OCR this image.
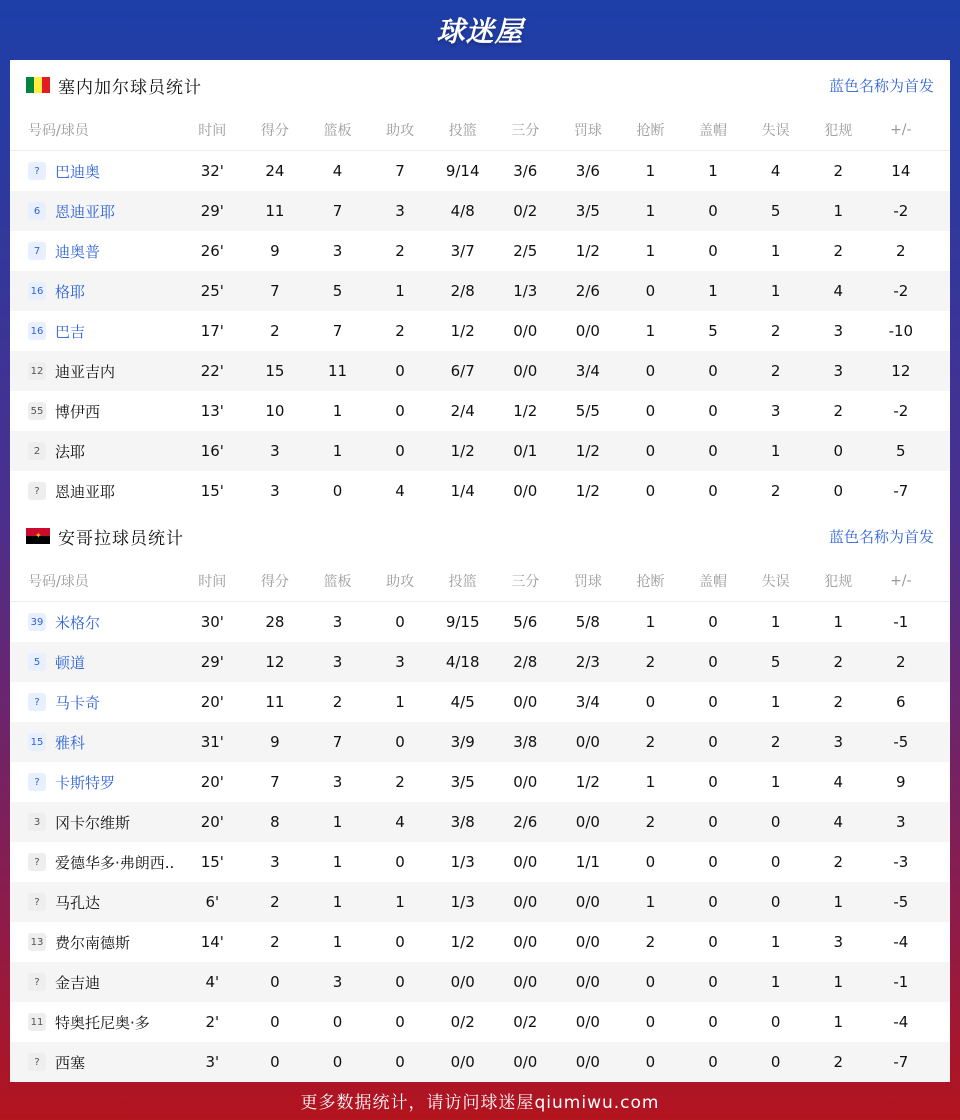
球迷屋
塞内加尔球员统计	蓝色名称为首发
号码/球员	时间	得分	篮板	助攻	投篮	三分	罚球	抢断	盖帽	失误	犯规	+/-
?	巴迪奥	32'	24	4	7	9/14	3/6	3/6	1	1	4	2	14
6 恩迪亚耶	29'	11	7	3	4/8	0/2	3/5	1	0	5	1	-2
7 迪奥普	26'	9	3	2	3/7	2/5	1/2	1	0	1	2	2
16 格耶	25'	7	5	1	2/8	1/3	2/6	0	1	1	4	-2
16 巴吉	17'	2	7	2	1/2	0/0	0/0	1	5	2	3	-10
12 迪亚吉内	22'	15	11	0	6/7	0/0	3/4	0	0	2	3	12
55 博伊西	13'	10	1	0	2/4	1/2	5/5	0	0	3	2	-2
2 法耶	16'	3	1	0	1/2	0/1	1/2	0	0	1	0	5
?	恩迪亚耶	15'	3	0	4	1/4	0/0	1/2	0	0	2	0	-7
✦ 安哥拉球员统计	蓝色名称为首发
号码/球员	时间	得分	篮板	助攻	投篮	三分	罚球	抢断	盖帽	失误	犯规	+/-
39 米格尔	30'	28	3	0	9/15	5/6	5/8	1	0	1	1	-1
5 顿道	29'	12	3	3	4/18	2/8	2/3	2	0	5	2	2
?	马卡奇	20'	11	2	1	4/5	0/0	3/4	0	0	1	2	6
15 雅科	31'	9	7	0	3/9	3/8	0/0	2	0	2	3	-5
?	卡斯特罗	20'	7	3	2	3/5	0/0	1/2	1	0	1	4	9
3 冈卡尔维斯	20'	8	1	4	3/8	2/6	0/0	2	0	0	4	3
?	爱德华多·弗朗西..	15'	3	1	0	1/3	0/0	1/1	0	0	0	2	-3
?	马孔达	6'	2	1	1	1/3	0/0	0/0	1	0	0	1	-5
13 费尔南德斯	14'	2	1	0	1/2	0/0	0/0	2	0	1	3	-4
?	金吉迪	4'	0	3	0	0/0	0/0	0/0	0	0	1	1	-1
11 特奥托尼奥·多	2'	0	0	0	0/2	0/2	0/0	0	0	0	1	-4
?	西塞	3'	0	0	0	0/0	0/0	0/0	0	0	0	2	-7
更多数据统计，请访问球迷屋qiumiwu.com
